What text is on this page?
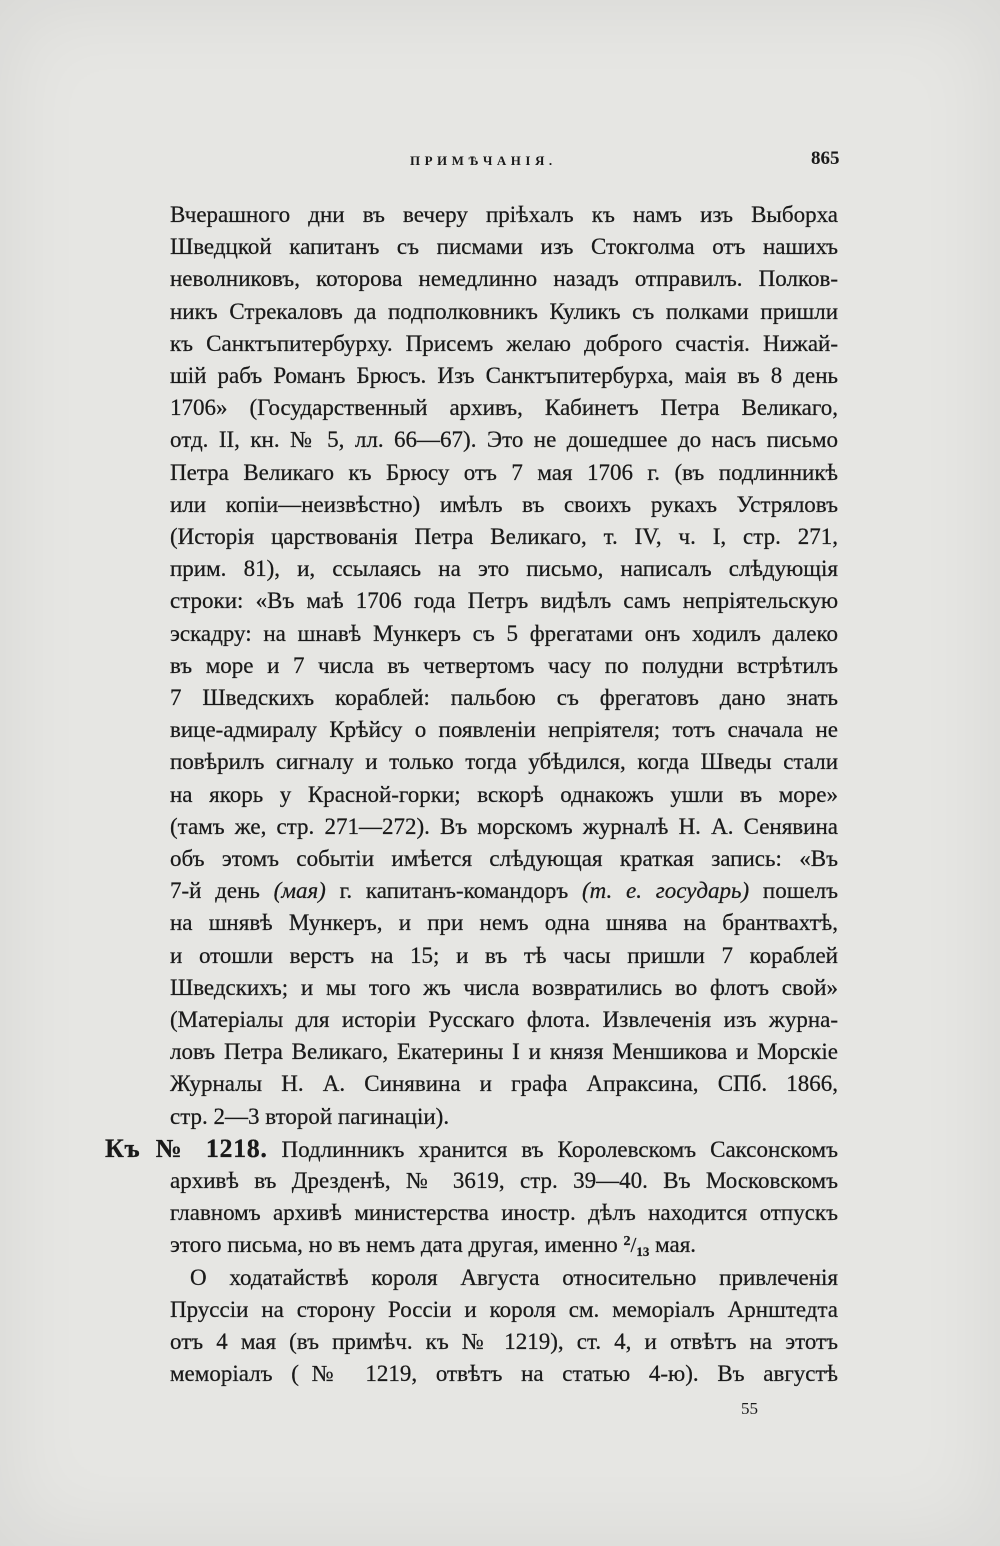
ПРИМѢЧАНІЯ.	865
Вчерашного дни въ вечеру пріѣхалъ къ намъ изъ Выборха
Шведцкой капитанъ съ писмами изъ Стокголма отъ нашихъ
неволниковъ, которова немедлинно назадъ отправилъ. Полков-
никъ Стрекаловъ да подполковникъ Куликъ съ полками пришли
къ Санктъпитербурху. Присемъ желаю доброго счастія. Нижай-
шій рабъ Романъ Брюсъ. Изъ Санктъпитербурха, маія въ 8 день
1706» (Государственный архивъ, Кабинетъ Петра Великаго,
отд. II, кн. № 5, лл. 66—67). Это не дошедшее до насъ письмо
Петра Великаго къ Брюсу отъ 7 мая 1706 г. (въ подлинникѣ
или копіи—неизвѣстно) имѣлъ въ своихъ рукахъ Устряловъ
(Исторія царствованія Петра Великаго, т. IV, ч. I, стр. 271,
прим. 81), и, ссылаясь на это письмо, написалъ слѣдующія
строки: «Въ маѣ 1706 года Петръ видѣлъ самъ непріятельскую
эскадру: на шнавѣ Мункеръ съ 5 фрегатами онъ ходилъ далеко
въ море и 7 числа въ четвертомъ часу по полудни встрѣтилъ
7 Шведскихъ кораблей: пальбою съ фрегатовъ дано знать
вице-адмиралу Крѣйсу о появленіи непріятеля; тотъ сначала не
повѣрилъ сигналу и только тогда убѣдился, когда Шведы стали
на якорь у Красной-горки; вскорѣ однакожъ ушли въ море»
(тамъ же, стр. 271—272). Въ морскомъ журналѣ Н. А. Сенявина
объ этомъ событіи имѣется слѣдующая краткая запись: «Въ
7-й день (мая) г. капитанъ-командоръ (т. е. государь) пошелъ
на шнявѣ Мункеръ, и при немъ одна шнява на брантвахтѣ,
и отошли верстъ на 15; и въ тѣ часы пришли 7 кораблей
Шведскихъ; и мы того жъ числа возвратились во флотъ свой»
(Матеріалы для исторіи Русскаго флота. Извлеченія изъ журна-
ловъ Петра Великаго, Екатерины I и князя Меншикова и Морскіе
Журналы Н. А. Синявина и графа Апраксина, СПб. 1866,
стр. 2—3 второй пагинаціи).
Къ № 1218. Подлинникъ хранится въ Королевскомъ Саксонскомъ
архивѣ въ Дрезденѣ, № 3619, стр. 39—40. Въ Московскомъ
главномъ архивѣ министерства иностр. дѣлъ находится отпускъ
этого письма, но въ немъ дата другая, именно $^2$/13 мая.
О ходатайствѣ короля Августа относительно привлеченія
Пруссіи на сторону Россіи и короля см. меморіалъ Арнштедта
отъ 4 мая (въ примѣч. къ № 1219), ст. 4, и отвѣтъ на этотъ
меморіалъ (№ 1219, отвѣтъ на статью 4-ю). Въ августѣ
55
